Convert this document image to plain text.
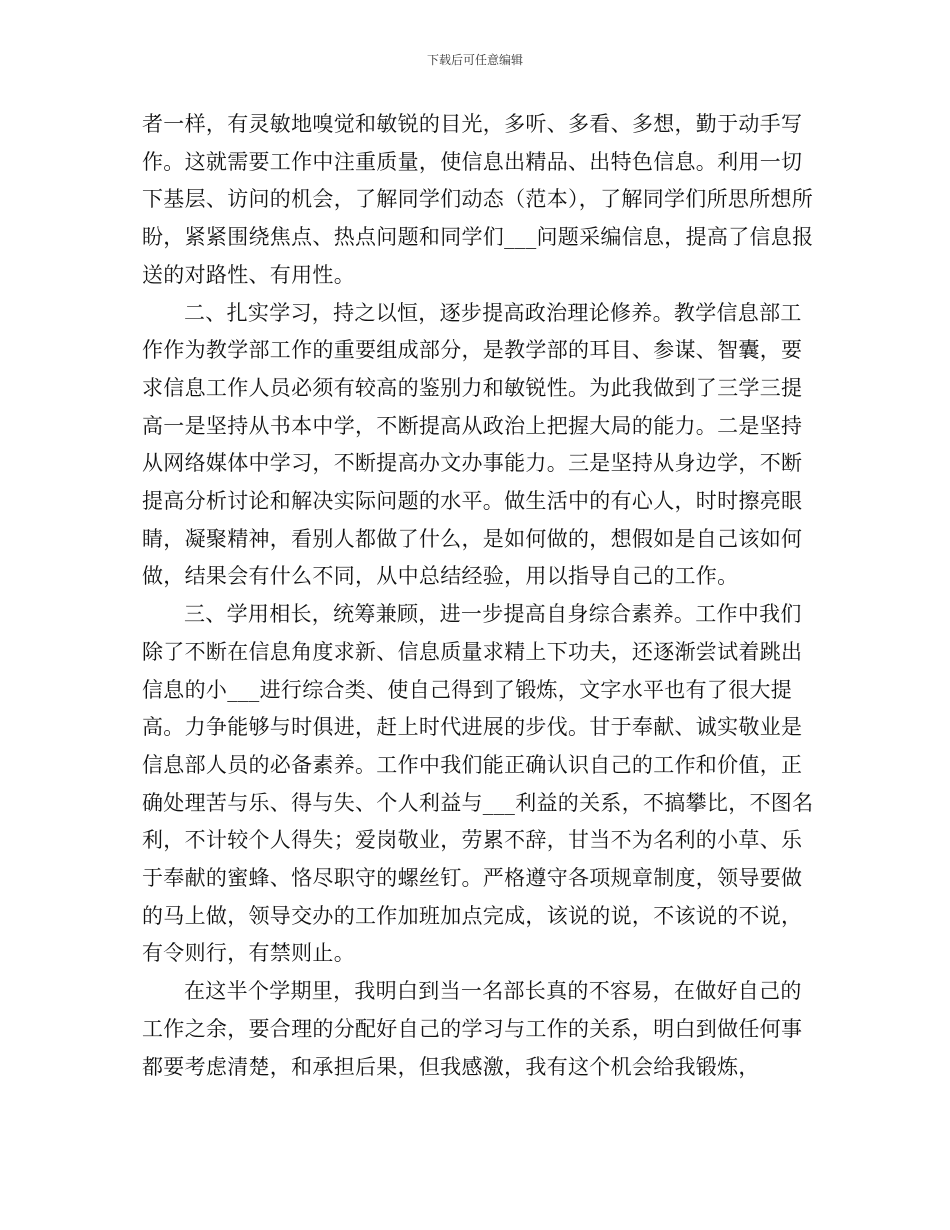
下载后可任意编辑

者一样，有灵敏地嗅觉和敏锐的目光，多听、多看、多想，勤于动手写作。这就需要工作中注重质量，使信息出精品、出特色信息。利用一切下基层、访问的机会，了解同学们动态（范本），了解同学们所思所想所盼，紧紧围绕焦点、热点问题和同学们___问题采编信息，提高了信息报送的对路性、有用性。

二、扎实学习，持之以恒，逐步提高政治理论修养。教学信息部工作作为教学部工作的重要组成部分，是教学部的耳目、参谋、智囊，要求信息工作人员必须有较高的鉴别力和敏锐性。为此我做到了三学三提高一是坚持从书本中学，不断提高从政治上把握大局的能力。二是坚持从网络媒体中学习，不断提高办文办事能力。三是坚持从身边学，不断提高分析讨论和解决实际问题的水平。做生活中的有心人，时时擦亮眼睛，凝聚精神，看别人都做了什么，是如何做的，想假如是自己该如何做，结果会有什么不同，从中总结经验，用以指导自己的工作。

三、学用相长，统筹兼顾，进一步提高自身综合素养。工作中我们除了不断在信息角度求新、信息质量求精上下功夫，还逐渐尝试着跳出信息的小___进行综合类、使自己得到了锻炼，文字水平也有了很大提高。力争能够与时俱进，赶上时代进展的步伐。甘于奉献、诚实敬业是信息部人员的必备素养。工作中我们能正确认识自己的工作和价值，正确处理苦与乐、得与失、个人利益与___利益的关系，不搞攀比，不图名利，不计较个人得失；爱岗敬业，劳累不辞，甘当不为名利的小草、乐于奉献的蜜蜂、恪尽职守的螺丝钉。严格遵守各项规章制度，领导要做的马上做，领导交办的工作加班加点完成，该说的说，不该说的不说，有令则行，有禁则止。

在这半个学期里，我明白到当一名部长真的不容易，在做好自己的工作之余，要合理的分配好自己的学习与工作的关系，明白到做任何事都要考虑清楚，和承担后果，但我感激，我有这个机会给我锻炼，
